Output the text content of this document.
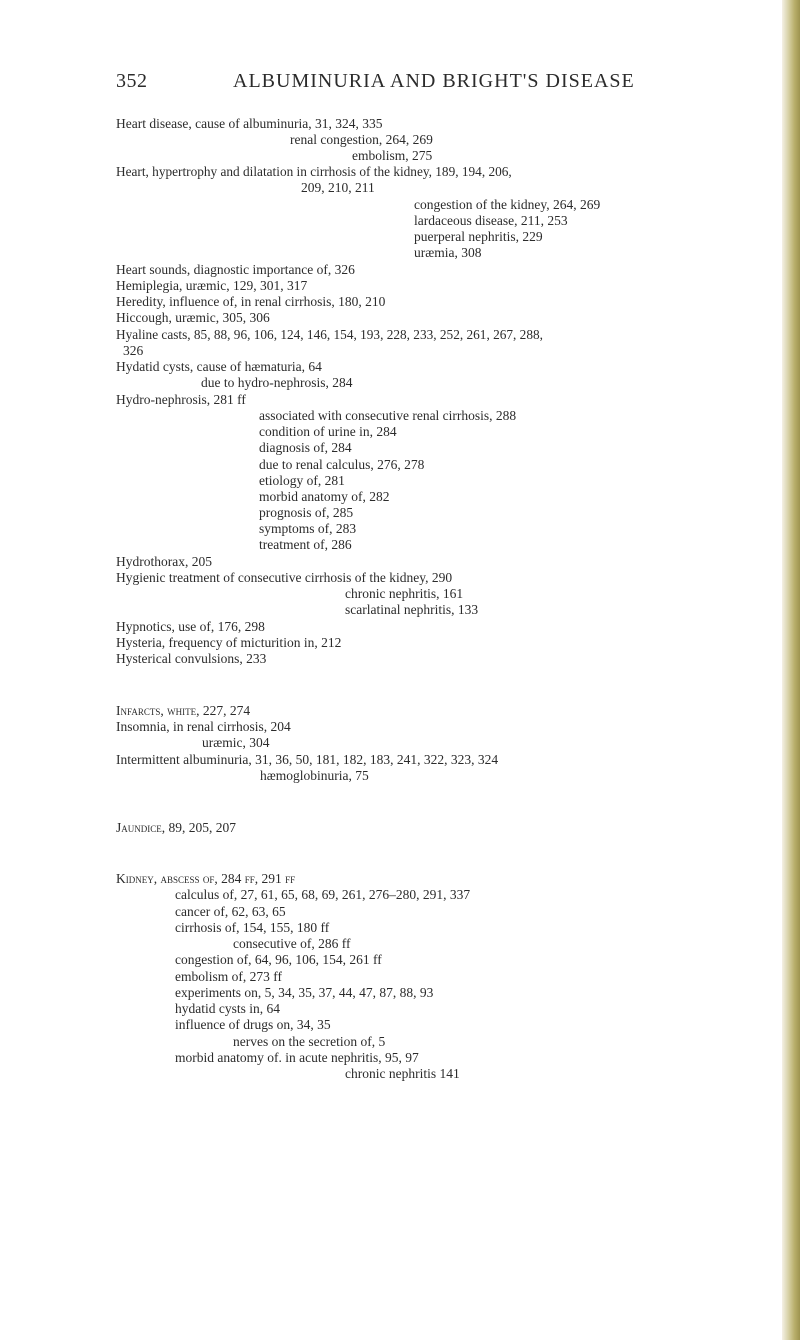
352	ALBUMINURIA AND BRIGHT'S DISEASE
Heart disease, cause of albuminuria, 31, 324, 335
renal congestion, 264, 269
embolism, 275
Heart, hypertrophy and dilatation in cirrhosis of the kidney, 189, 194, 206,
209, 210, 211
congestion of the kidney, 264, 269
lardaceous disease, 211, 253
puerperal nephritis, 229
uræmia, 308
Heart sounds, diagnostic importance of, 326
Hemiplegia, uræmic, 129, 301, 317
Heredity, influence of, in renal cirrhosis, 180, 210
Hiccough, uræmic, 305, 306
Hyaline casts, 85, 88, 96, 106, 124, 146, 154, 193, 228, 233, 252, 261, 267, 288,
326
Hydatid cysts, cause of hæmaturia, 64
due to hydro-nephrosis, 284
Hydro-nephrosis, 281 ff
associated with consecutive renal cirrhosis, 288
condition of urine in, 284
diagnosis of, 284
due to renal calculus, 276, 278
etiology of, 281
morbid anatomy of, 282
prognosis of, 285
symptoms of, 283
treatment of, 286
Hydrothorax, 205
Hygienic treatment of consecutive cirrhosis of the kidney, 290
chronic nephritis, 161
scarlatinal nephritis, 133
Hypnotics, use of, 176, 298
Hysteria, frequency of micturition in, 212
Hysterical convulsions, 233
Infarcts, white, 227, 274
Insomnia, in renal cirrhosis, 204
uræmic, 304
Intermittent albuminuria, 31, 36, 50, 181, 182, 183, 241, 322, 323, 324
hæmoglobinuria, 75
Jaundice, 89, 205, 207
Kidney, abscess of, 284 ff, 291 ff
calculus of, 27, 61, 65, 68, 69, 261, 276–280, 291, 337
cancer of, 62, 63, 65
cirrhosis of, 154, 155, 180 ff
consecutive of, 286 ff
congestion of, 64, 96, 106, 154, 261 ff
embolism of, 273 ff
experiments on, 5, 34, 35, 37, 44, 47, 87, 88, 93
hydatid cysts in, 64
influence of drugs on, 34, 35
nerves on the secretion of, 5
morbid anatomy of. in acute nephritis, 95, 97
chronic nephritis 141
